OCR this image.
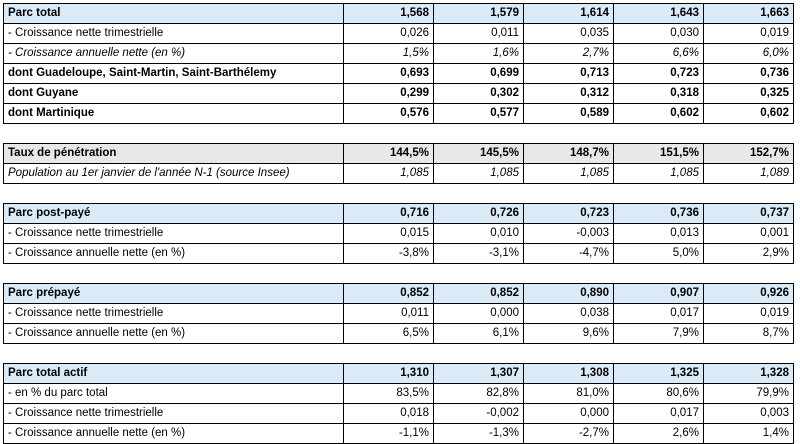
Parc total	1,568	1,579	1,614	1,643	1,663
- Croissance nette trimestrielle	0,026	0,011	0,035	0,030	0,019
- Croissance annuelle nette (en %)	1,5%	1,6%	2,7%	6,6%	6,0%
dont Guadeloupe, Saint-Martin, Saint-Barthélemy	0,693	0,699	0,713	0,723	0,736
dont Guyane	0,299	0,302	0,312	0,318	0,325
dont Martinique	0,576	0,577	0,589	0,602	0,602

Taux de pénétration	144,5%	145,5%	148,7%	151,5%	152,7%
Population au 1er janvier de l'année N-1 (source Insee)	1,085	1,085	1,085	1,085	1,089

Parc post-payé	0,716	0,726	0,723	0,736	0,737
- Croissance nette trimestrielle	0,015	0,010	-0,003	0,013	0,001
- Croissance annuelle nette (en %)	-3,8%	-3,1%	-4,7%	5,0%	2,9%

Parc prépayé	0,852	0,852	0,890	0,907	0,926
- Croissance nette trimestrielle	0,011	0,000	0,038	0,017	0,019
- Croissance annuelle nette (en %)	6,5%	6,1%	9,6%	7,9%	8,7%

Parc total actif	1,310	1,307	1,308	1,325	1,328
- en % du parc total	83,5%	82,8%	81,0%	80,6%	79,9%
- Croissance nette trimestrielle	0,018	-0,002	0,000	0,017	0,003
- Croissance annuelle nette (en %)	-1,1%	-1,3%	-2,7%	2,6%	1,4%
